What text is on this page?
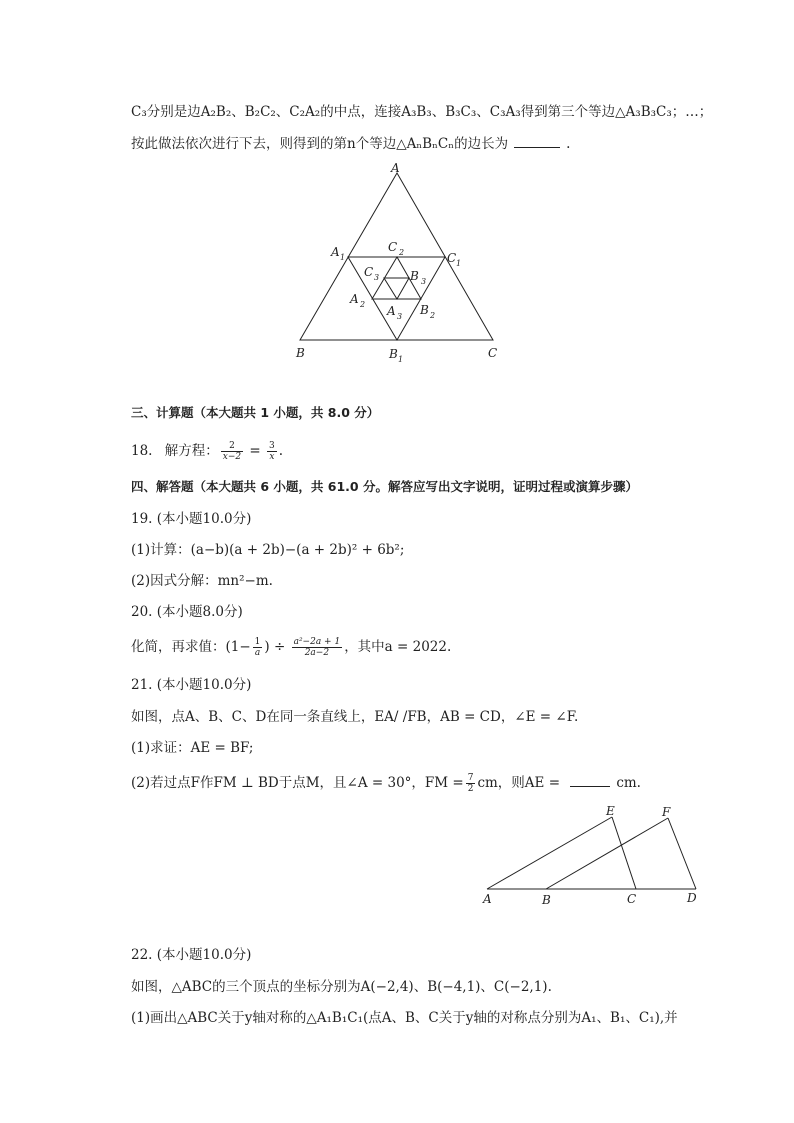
C₃分别是边A₂B₂、B₂C₂、C₂A₂的中点，连接A₃B₃、B₃C₃、C₃A₃得到第三个等边△A₃B₃C₃；…；
按此做法依次进行下去，则得到的第n个等边△AₙBₙCₙ的边长为	.
A
B	C
A 1	C 1
B 1
C 2
C 3	B 3
A 2	B 2
A 3
三、计算题（本大题共 1 小题，共 8.0 分）
18. 解方程： $\frac{2}{x-2} = \frac{3}{x}$ .
四、解答题（本大题共 6 小题，共 61.0 分。解答应写出文字说明，证明过程或演算步骤）
19. (本小题10.0分)
(1)计算：(a−b)(a + 2b)−(a + 2b)² + 6b²;
(2)因式分解：mn²−m.
20. (本小题8.0分)
化简，再求值：($1- \frac{1}{a}$ ) ÷ $\frac{\text{a²−2a + 1}}{2a-2}$ ，其中a = 2022.
21. (本小题10.0分)
如图，点A、B、C、D在同一条直线上，EA/ /FB，AB = CD，∠E = ∠F.
(1)求证：AE = BF;
(2)若过点F作FM ⊥ BD于点M，且∠A = 30°，FM = $\frac{7}{2}$ cm，则AE =	cm.
A	B	C	D
E	F
22. (本小题10.0分)
如图，△ABC的三个顶点的坐标分别为A(−2,4)、B(−4,1)、C(−2,1).
(1)画出△ABC关于y轴对称的△A₁B₁C₁(点A、B、C关于y轴的对称点分别为A₁、B₁、C₁),并
